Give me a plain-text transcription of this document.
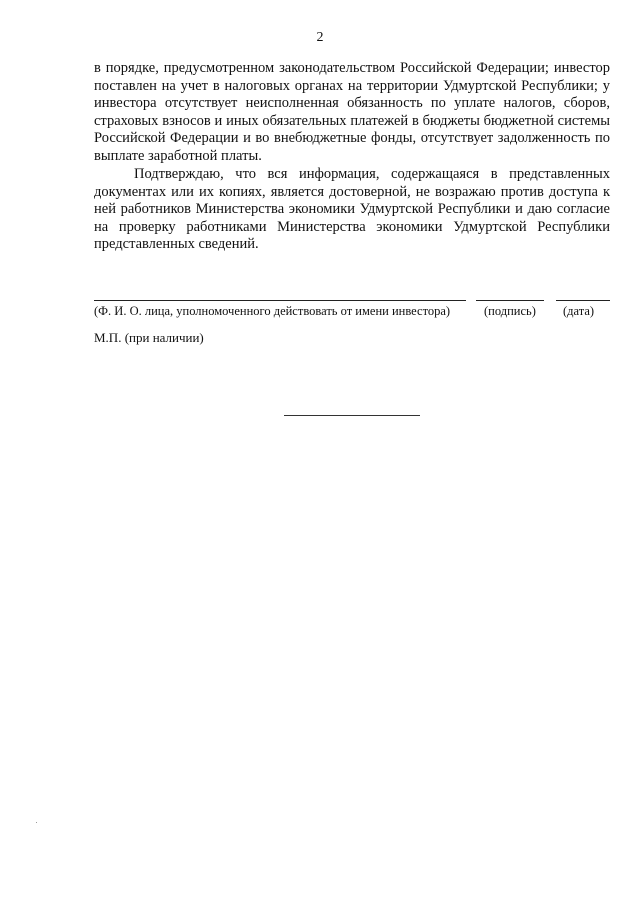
2

в порядке, предусмотренном законодательством Российской Федерации; инвестор поставлен на учет в налоговых органах на территории Удмуртской Республики; у инвестора отсутствует неисполненная обязанность по уплате налогов, сборов, страховых взносов и иных обязательных платежей в бюджеты бюджетной системы Российской Федерации и во внебюджетные фонды, отсутствует задолженность по выплате заработной платы.

Подтверждаю, что вся информация, содержащаяся в представленных документах или их копиях, является достоверной, не возражаю против доступа к ней работников Министерства экономики Удмуртской Республики и даю согласие на проверку работниками Министерства экономики Удмуртской Республики представленных сведений.

(Ф. И. О. лица, уполномоченного действовать от имени инвестора)	(подпись) (дата)
М.П. (при наличии)
